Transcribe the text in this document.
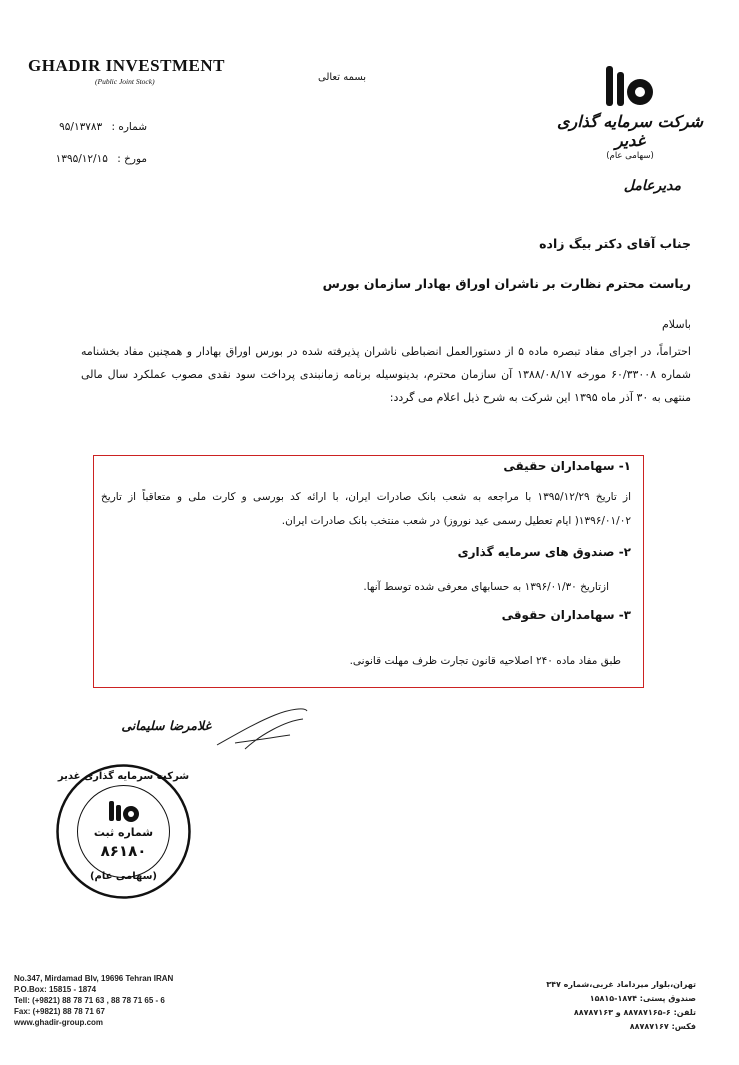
GHADIR INVESTMENT
(Public Joint Stock)	بسمه تعالی
شماره : ۹۵/۱۳۷۸۳
مورخ : ۱۳۹۵/۱۲/۱۵
شرکت سرمایه گذاری غدیر
(سهامی عام)
مدیرعامل
جناب آقای دکتر بیگ زاده
ریاست محترم نظارت بر ناشران اوراق بهادار سازمان بورس
باسلام
احتراماً، در اجرای مفاد تبصره ماده ۵ از دستورالعمل انضباطی ناشران پذیرفته شده در بورس اوراق بهادار و همچنین مفاد بخشنامه شماره ۶۰/۳۳۰۰۸ مورخه ۱۳۸۸/۰۸/۱۷ آن سازمان محترم، بدینوسیله برنامه زمانبندی پرداخت سود نقدی مصوب عملکرد سال مالی منتهی به ۳۰ آذر ماه ۱۳۹۵ این شرکت به شرح ذیل اعلام می گردد:
۱- سهامداران حقیقی
از تاریخ ۱۳۹۵/۱۲/۲۹ با مراجعه به شعب بانک صادرات ایران، با ارائه کد بورسی و کارت ملی و متعاقباً از تاریخ ۱۳۹۶/۰۱/۰۲( ایام تعطیل رسمی عید نوروز) در شعب منتخب بانک صادرات ایران.
۲- صندوق های سرمایه گذاری
ازتاریخ ۱۳۹۶/۰۱/۳۰ به حسابهای معرفی شده توسط آنها.
۳- سهامداران حقوقی
طبق مفاد ماده ۲۴۰ اصلاحیه قانون تجارت ظرف مهلت قانونی.
غلامرضا سلیمانی
شرکت سرمایه گذاری غدیر
شماره ثبت
۸۶۱۸۰
(سهامی عام)
No.347, Mirdamad Blv, 19696 Tehran IRAN
P.O.Box: 15815 - 1874
Tell: (+9821) 88 78 71 63 , 88 78 71 65 - 6
Fax: (+9821) 88 78 71 67
www.ghadir-group.com
تهران،بلوار میرداماد غربی،شماره ۳۴۷
صندوق پستی: ۱۸۷۴-۱۵۸۱۵
تلفن: ۶-۸۸۷۸۷۱۶۵ و ۸۸۷۸۷۱۶۳
فکس: ۸۸۷۸۷۱۶۷
